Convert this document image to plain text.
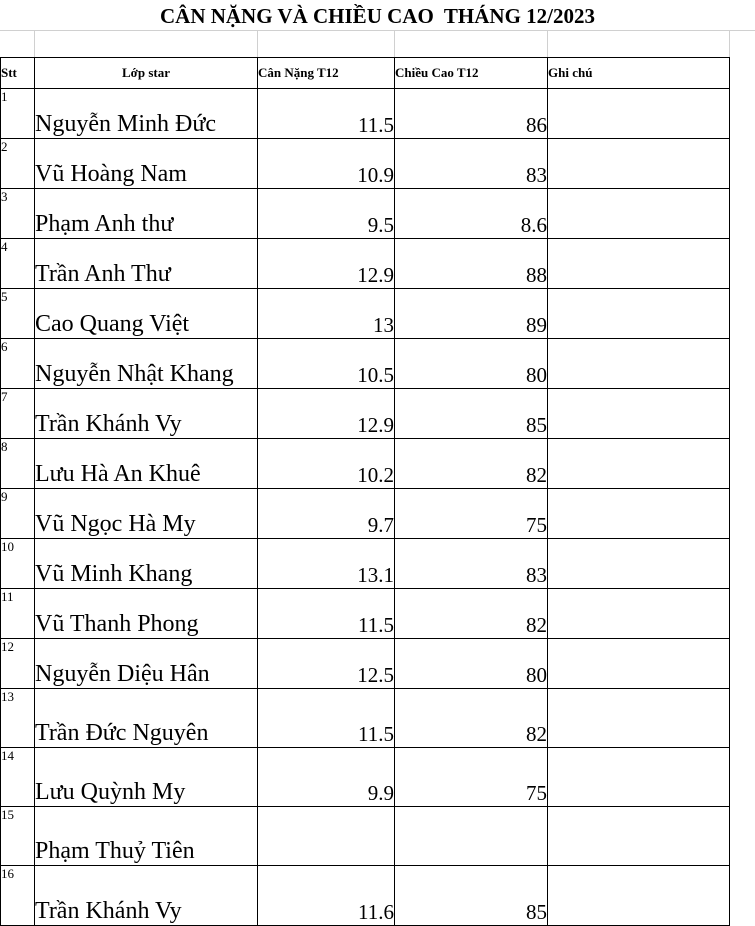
CÂN NẶNG VÀ CHIỀU CAO  THÁNG 12/2023
Stt	Lớp star	Cân Nặng T12	Chiều Cao T12	Ghi chú
1	Nguyễn Minh Đức	11.5	86	
2	Vũ Hoàng Nam	10.9	83	
3	Phạm Anh thư	9.5	8.6	
4	Trần Anh Thư	12.9	88	
5	Cao Quang Việt	13	89	
6	Nguyễn Nhật Khang	10.5	80	
7	Trần Khánh Vy	12.9	85	
8	Lưu Hà An Khuê	10.2	82	
9	Vũ Ngọc Hà My	9.7	75	
10	Vũ Minh Khang	13.1	83	
11	Vũ Thanh Phong	11.5	82	
12	Nguyễn Diệu Hân	12.5	80	
13	Trần Đức Nguyên	11.5	82	
14	Lưu Quỳnh My	9.9	75	
15	Phạm Thuỷ Tiên			
16	Trần Khánh Vy	11.6	85	
